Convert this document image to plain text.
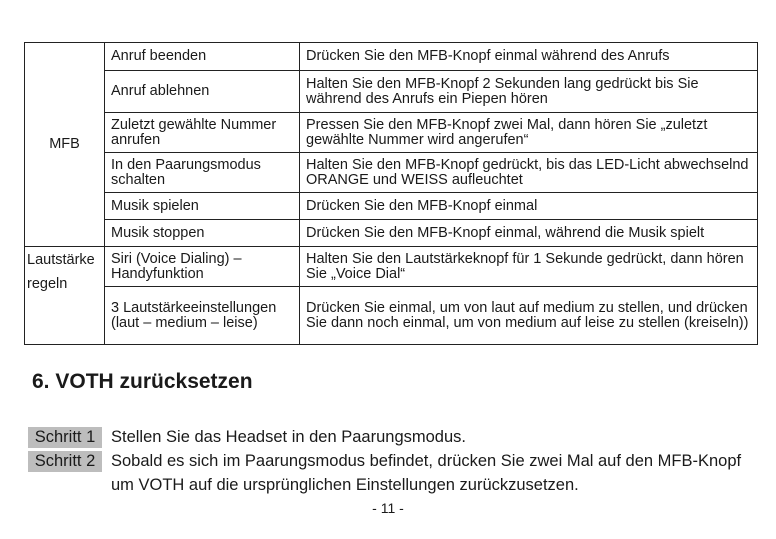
MFB	Anruf beenden	Drücken Sie den MFB-Knopf einmal während des Anrufs
	Anruf ablehnen	Halten Sie den MFB-Knopf 2 Sekunden lang gedrückt bis Sie während des Anrufs ein Piepen hören
	Zuletzt gewählte Nummer anrufen	Pressen Sie den MFB-Knopf zwei Mal, dann hören Sie „zuletzt gewählte Nummer wird angerufen“
	In den Paarungsmodus schalten	Halten Sie den MFB-Knopf gedrückt, bis das LED-Licht abwechselnd ORANGE und WEISS aufleuchtet
	Musik spielen	Drücken Sie den MFB-Knopf einmal
	Musik stoppen	Drücken Sie den MFB-Knopf einmal, während die Musik spielt

Lautstärke
regeln	Siri (Voice Dialing) – Handyfunktion	Halten Sie den Lautstärkeknopf für 1 Sekunde gedrückt, dann hören Sie „Voice Dial“
	3 Lautstärkeeinstellungen (laut – medium – leise)	Drücken Sie einmal, um von laut auf medium zu stellen, und drücken Sie dann noch einmal, um von medium auf leise zu stellen (kreiseln))
6. VOTH zurücksetzen
Schritt 1 Stellen Sie das Headset in den Paarungsmodus.
Schritt 2 Sobald es sich im Paarungsmodus befindet, drücken Sie zwei Mal auf den MFB-Knopf um VOTH auf die ursprünglichen Einstellungen zurückzusetzen.
- 11 -
